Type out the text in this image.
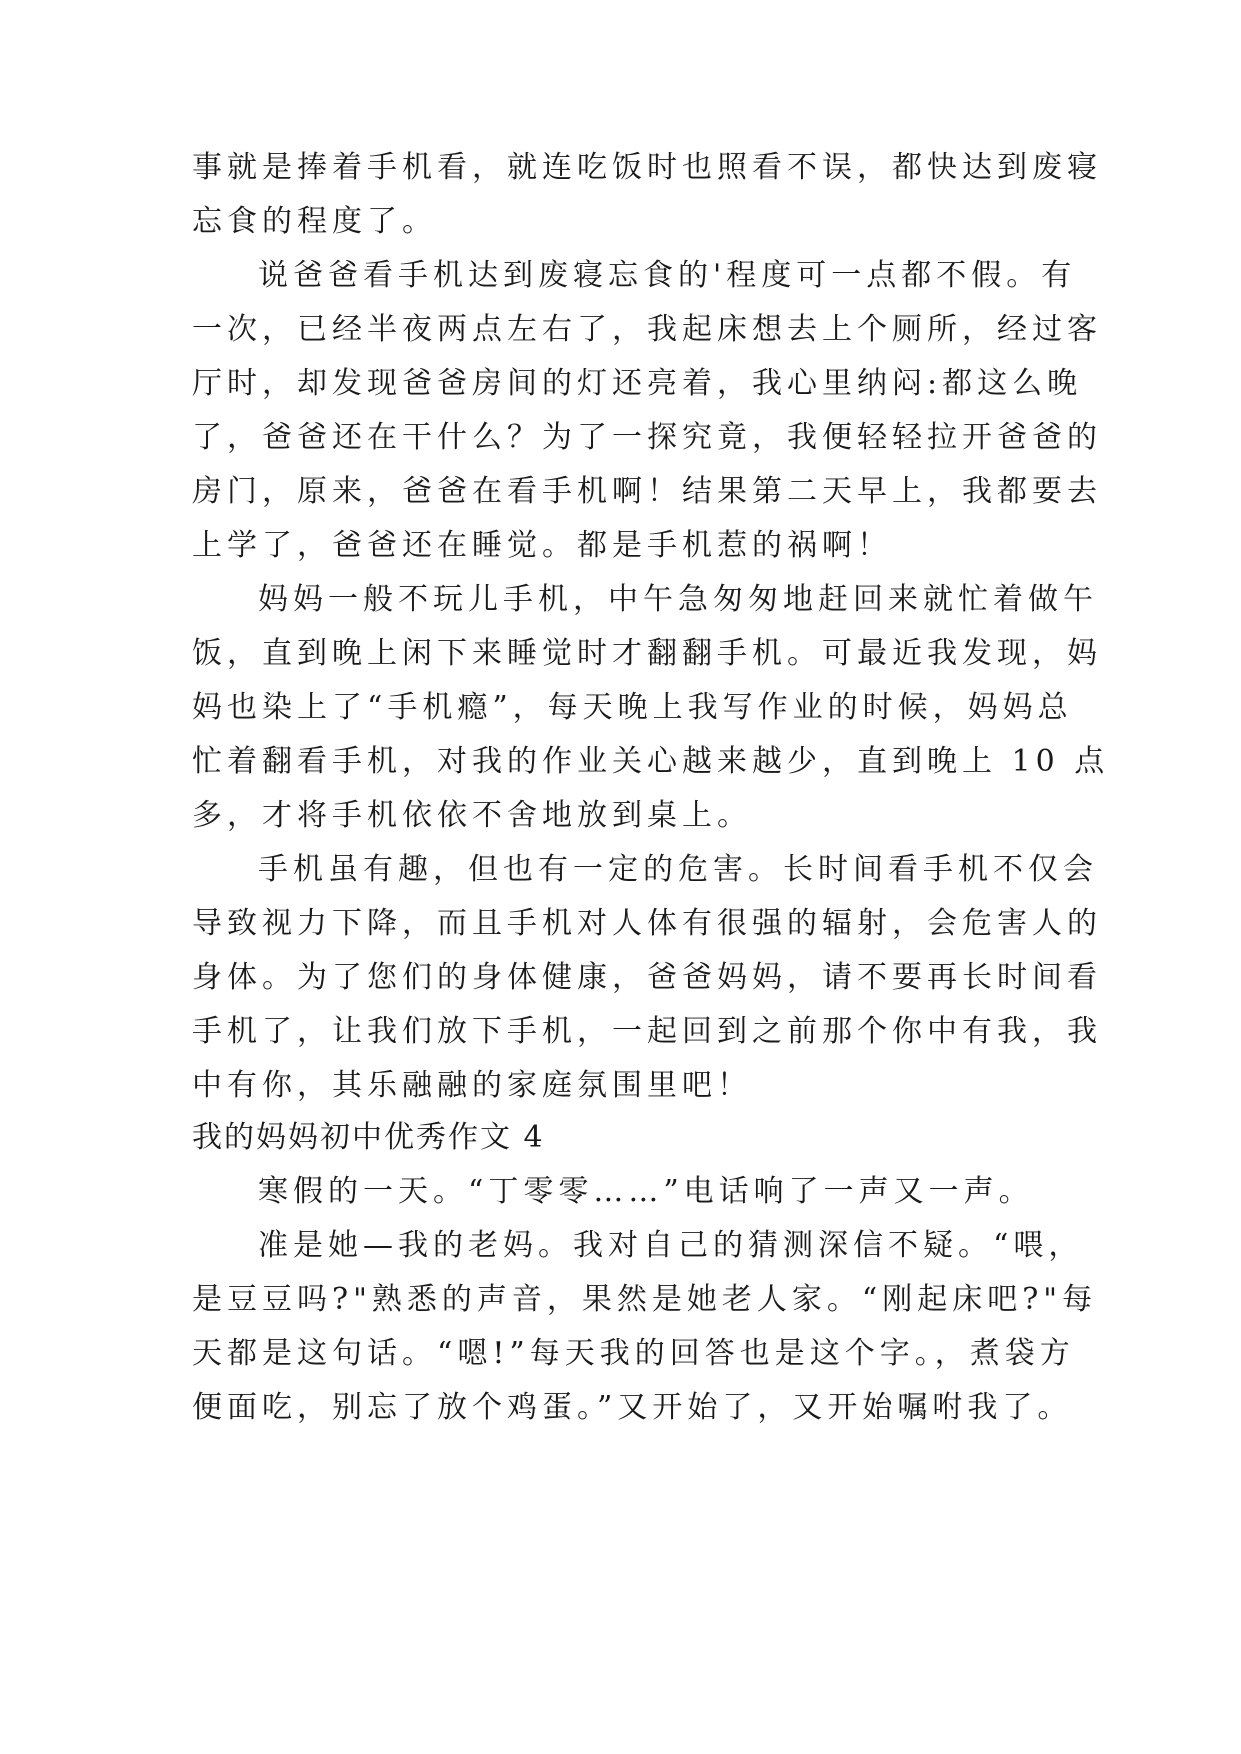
事就是捧着手机看，就连吃饭时也照看不误，都快达到废寝
忘食的程度了。
说爸爸看手机达到废寝忘食的'程度可一点都不假。有
一次，已经半夜两点左右了，我起床想去上个厕所，经过客
厅时，却发现爸爸房间的灯还亮着，我心里纳闷:都这么晚
了，爸爸还在干什么？为了一探究竟，我便轻轻拉开爸爸的
房门，原来，爸爸在看手机啊！结果第二天早上，我都要去
上学了，爸爸还在睡觉。都是手机惹的祸啊！
妈妈一般不玩儿手机，中午急匆匆地赶回来就忙着做午
饭，直到晚上闲下来睡觉时才翻翻手机。可最近我发现，妈
妈也染上了“手机瘾”，每天晚上我写作业的时候，妈妈总
忙着翻看手机，对我的作业关心越来越少，直到晚上 10 点
多，才将手机依依不舍地放到桌上。
手机虽有趣，但也有一定的危害。长时间看手机不仅会
导致视力下降，而且手机对人体有很强的辐射，会危害人的
身体。为了您们的身体健康，爸爸妈妈，请不要再长时间看
手机了，让我们放下手机，一起回到之前那个你中有我，我
中有你，其乐融融的家庭氛围里吧！
我的妈妈初中优秀作文 4
寒假的一天。“丁零零……”电话响了一声又一声。
准是她—我的老妈。我对自己的猜测深信不疑。“喂，
是豆豆吗?"熟悉的声音，果然是她老人家。“刚起床吧?"每
天都是这句话。“嗯!”每天我的回答也是这个字。，煮袋方
便面吃，别忘了放个鸡蛋。”又开始了，又开始嘱咐我了。
